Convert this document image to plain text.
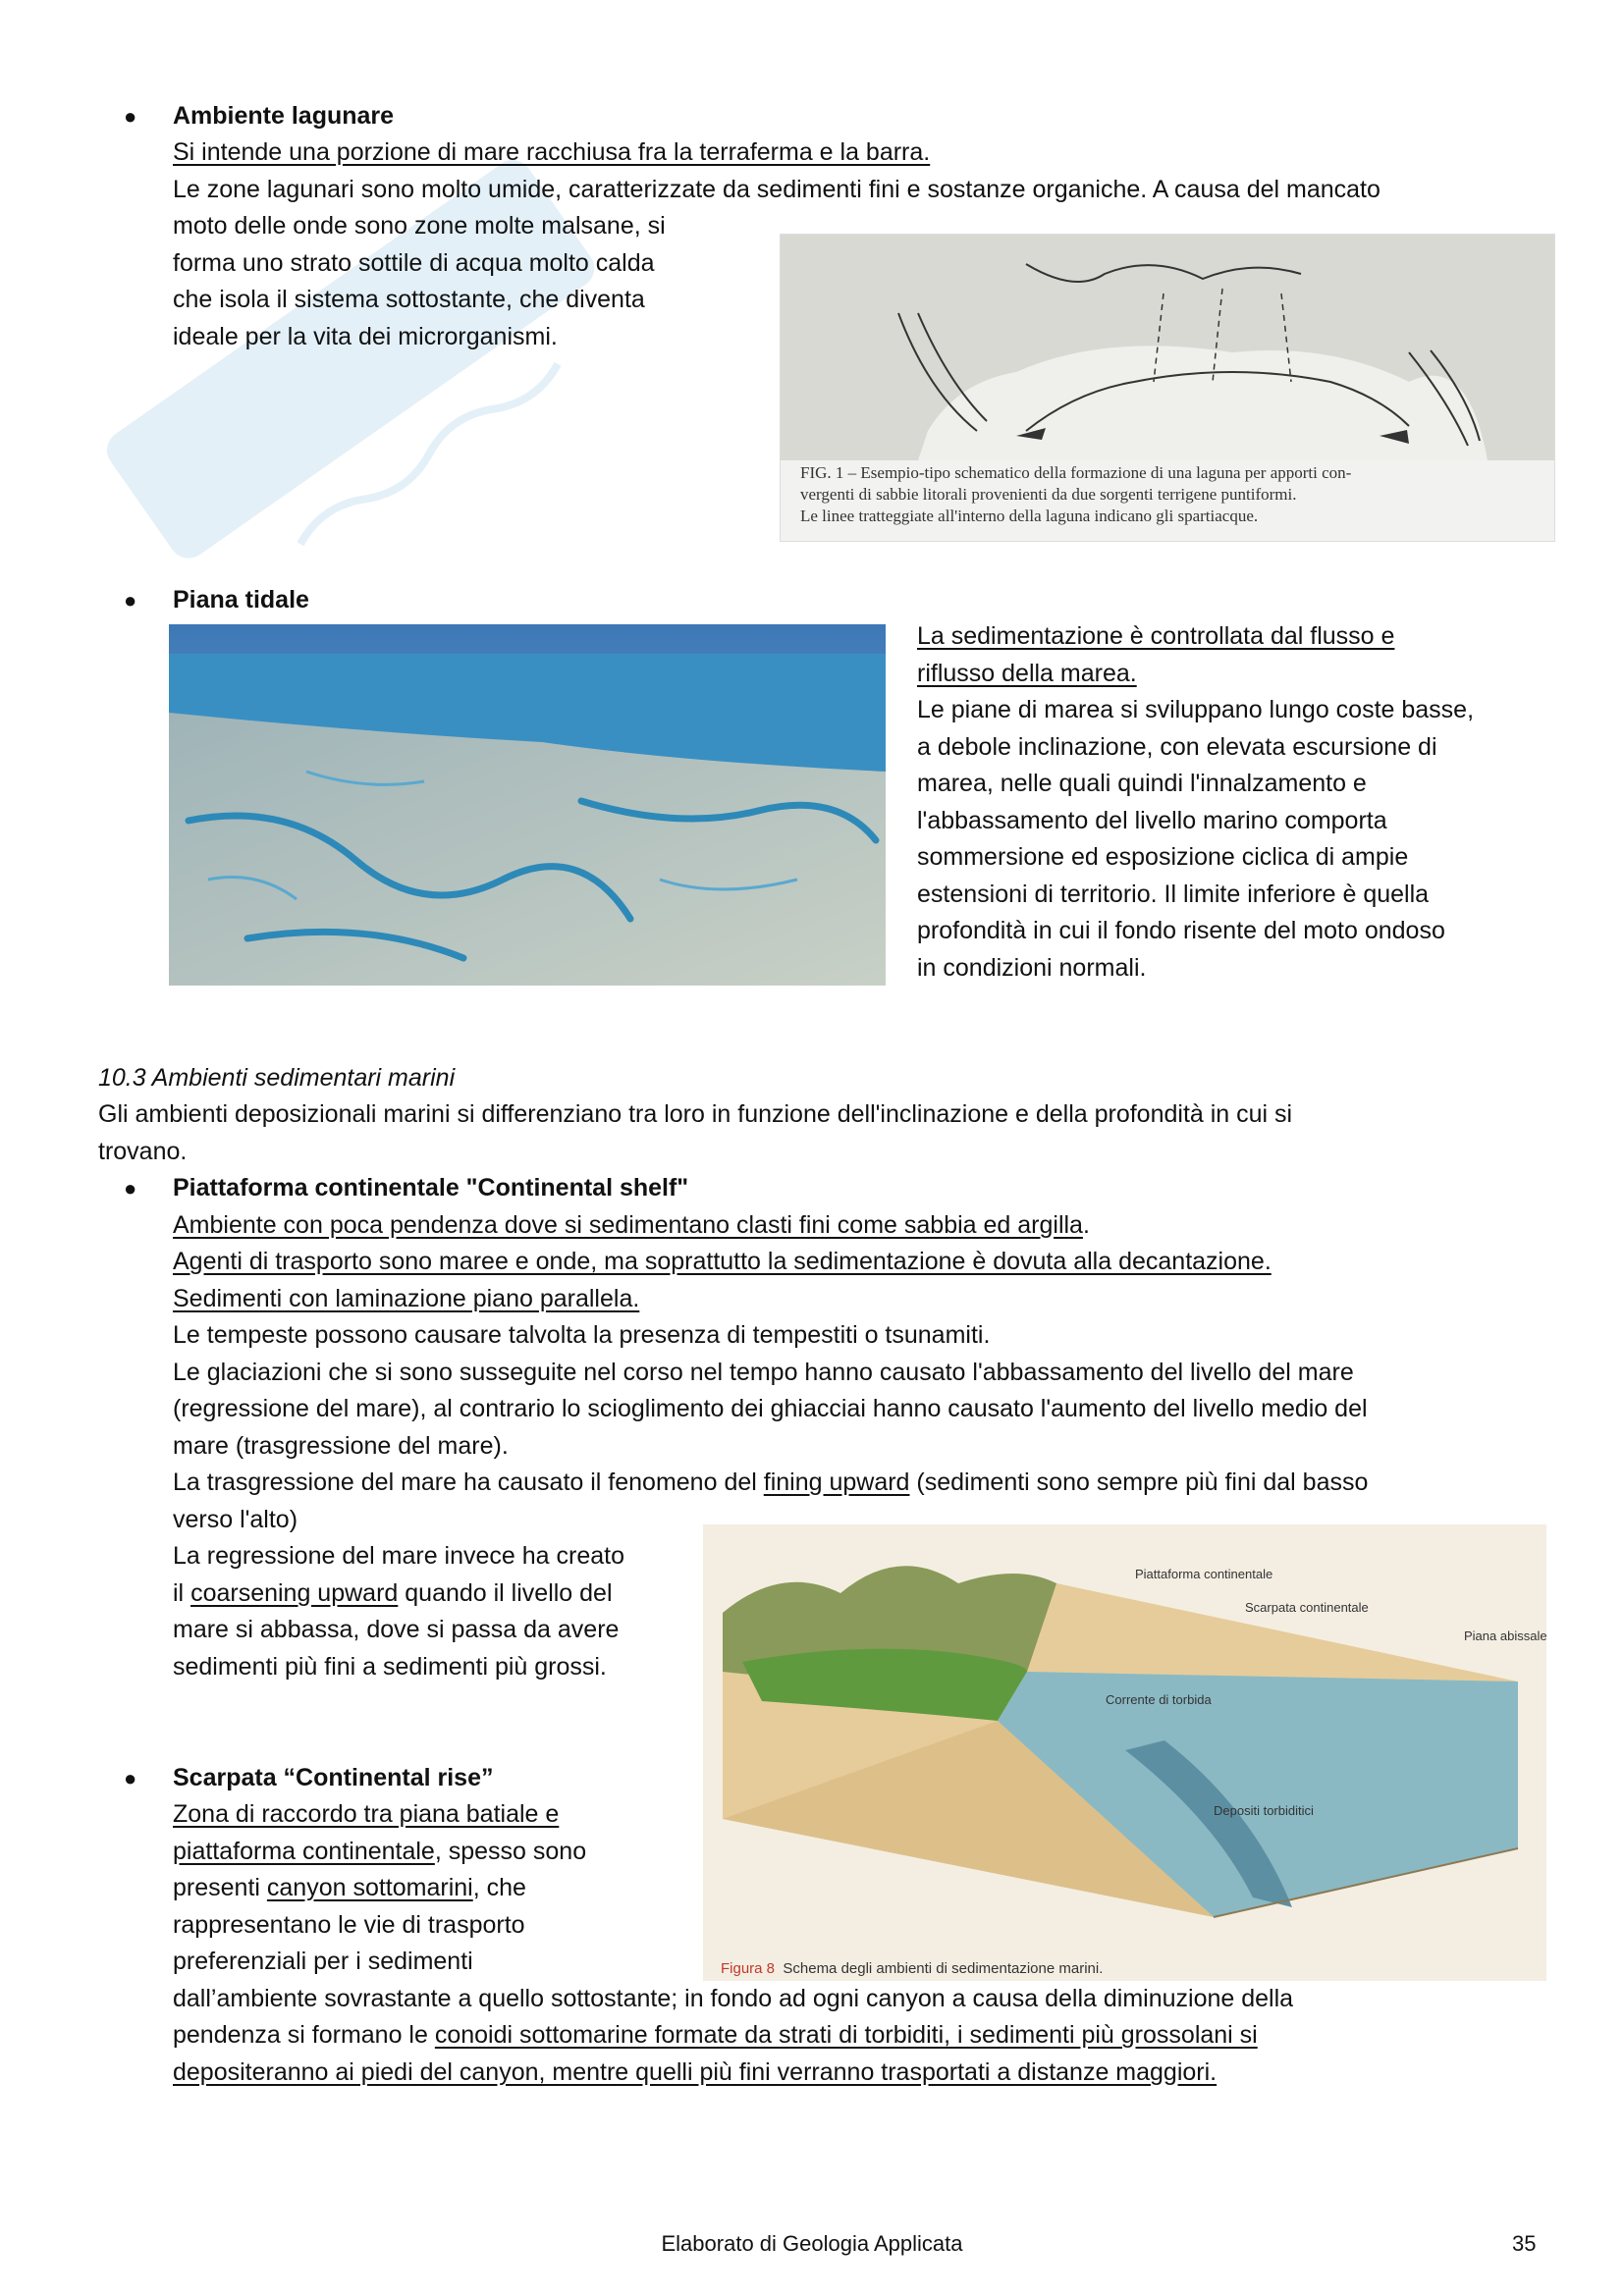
● Ambiente lagunare
Si intende una porzione di mare racchiusa fra la terraferma e la barra.
Le zone lagunari sono molto umide, caratterizzate da sedimenti fini e sostanze organiche. A causa del mancato
moto delle onde sono zone molte malsane, si
forma uno strato sottile di acqua molto calda
che isola il sistema sottostante, che diventa
ideale per la vita dei microrganismi.
FIG. 1 – Esempio-tipo schematico della formazione di una laguna per apporti con-
vergenti di sabbie litorali provenienti da due sorgenti terrigene puntiformi.
Le linee tratteggiate all'interno della laguna indicano gli spartiacque.
● Piana tidale
La sedimentazione è controllata dal flusso e
riflusso della marea.
Le piane di marea si sviluppano lungo coste basse,
a debole inclinazione, con elevata escursione di
marea, nelle quali quindi l'innalzamento e
l'abbassamento del livello marino comporta
sommersione ed esposizione ciclica di ampie
estensioni di territorio. Il limite inferiore è quella
profondità in cui il fondo risente del moto ondoso
in condizioni normali.
10.3 Ambienti sedimentari marini
Gli ambienti deposizionali marini si differenziano tra loro in funzione dell'inclinazione e della profondità in cui si
trovano.
● Piattaforma continentale "Continental shelf"
Ambiente con poca pendenza dove si sedimentano clasti fini come sabbia ed argilla.
Agenti di trasporto sono maree e onde, ma soprattutto la sedimentazione è dovuta alla decantazione.
Sedimenti con laminazione piano parallela.
Le tempeste possono causare talvolta la presenza di tempestiti o tsunamiti.
Le glaciazioni che si sono susseguite nel corso nel tempo hanno causato l'abbassamento del livello del mare
(regressione del mare), al contrario lo scioglimento dei ghiacciai hanno causato l'aumento del livello medio del
mare (trasgressione del mare).
La trasgressione del mare ha causato il fenomeno del fining upward (sedimenti sono sempre più fini dal basso
verso l'alto)
La regressione del mare invece ha creato
il coarsening upward quando il livello del
mare si abbassa, dove si passa da avere
sedimenti più fini a sedimenti più grossi.
Piattaforma continentale
Scarpata continentale
Piana abissale
Corrente di torbida
Depositi torbiditici
Figura 8 Schema degli ambienti di sedimentazione marini.
● Scarpata “Continental rise”
Zona di raccordo tra piana batiale e
piattaforma continentale, spesso sono
presenti canyon sottomarini, che
rappresentano le vie di trasporto
preferenziali per i sedimenti
dall’ambiente sovrastante a quello sottostante; in fondo ad ogni canyon a causa della diminuzione della
pendenza si formano le conoidi sottomarine formate da strati di torbiditi, i sedimenti più grossolani si
depositeranno ai piedi del canyon, mentre quelli più fini verranno trasportati a distanze maggiori.
Elaborato di Geologia Applicata	35
